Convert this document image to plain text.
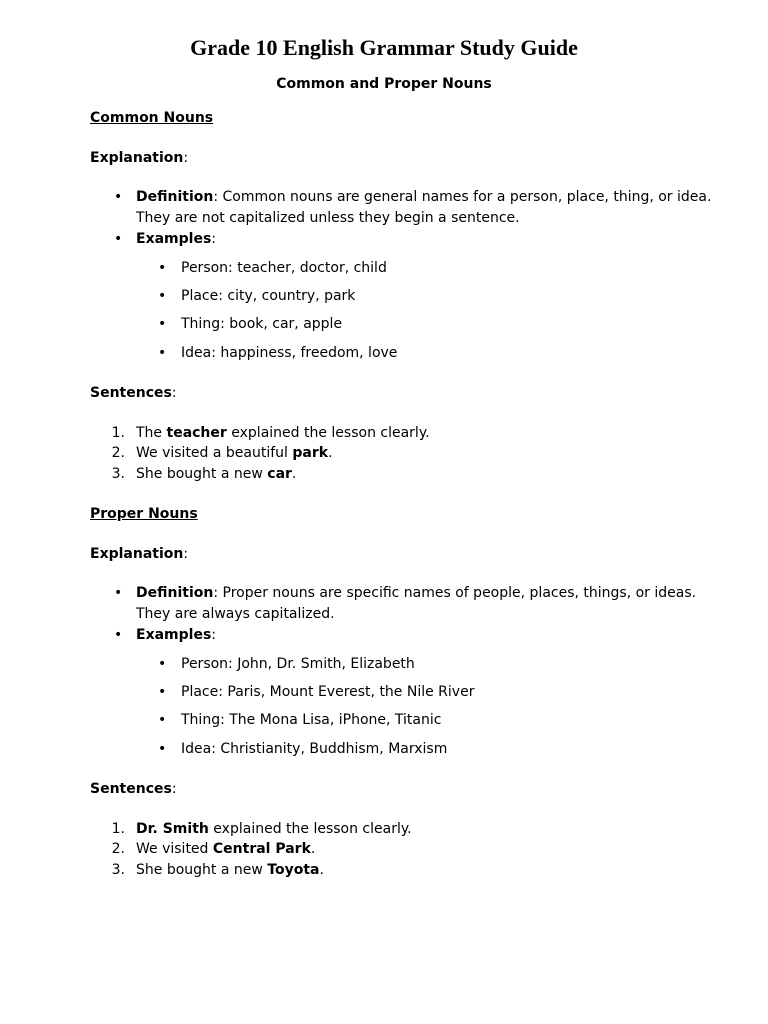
Grade 10 English Grammar Study Guide
Common and Proper Nouns
Common Nouns
Explanation:
• Definition: Common nouns are general names for a person, place, thing, or idea.
They are not capitalized unless they begin a sentence.
• Examples:
• Person: teacher, doctor, child
• Place: city, country, park
• Thing: book, car, apple
• Idea: happiness, freedom, love
Sentences:
1. The teacher explained the lesson clearly.
2. We visited a beautiful park.
3. She bought a new car.
Proper Nouns
Explanation:
• Definition: Proper nouns are specific names of people, places, things, or ideas.
They are always capitalized.
• Examples:
• Person: John, Dr. Smith, Elizabeth
• Place: Paris, Mount Everest, the Nile River
• Thing: The Mona Lisa, iPhone, Titanic
• Idea: Christianity, Buddhism, Marxism
Sentences:
1. Dr. Smith explained the lesson clearly.
2. We visited Central Park.
3. She bought a new Toyota.
